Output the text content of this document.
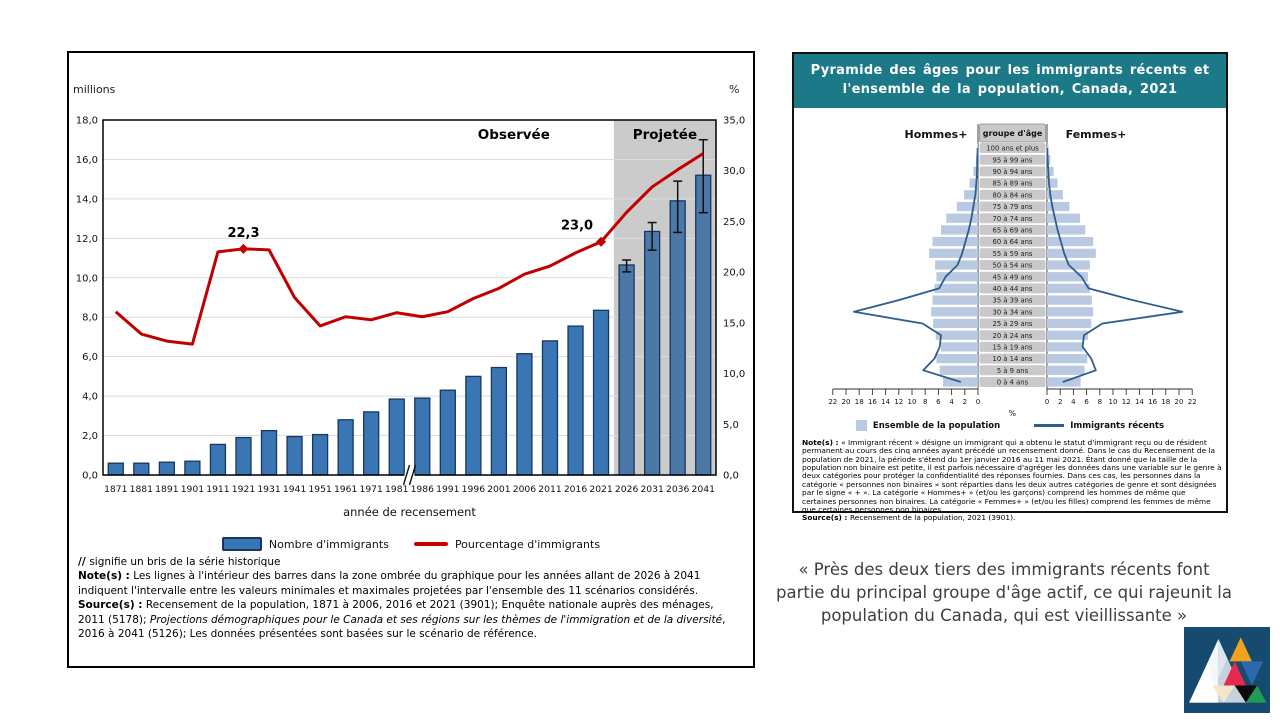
millions	%
0,0
2,0
4,0
6,0
8,0
10,0
12,0
14,0
16,0
18,0
0,0
5,0
10,0
15,0
20,0
25,0
30,0
35,0
22,3	23,0
Observée	Projetée
1871 1881 1891 1901 1911 1921 1931 1941 1951 1961 1971 1981 1986 1991 1996 2001 2006 2011 2016 2021 2026 2031 2036 2041
année de recensement
Nombre d'immigrants	Pourcentage d'immigrants

// signifie un bris de la série historique

Note(s) : Les lignes à l'intérieur des barres dans la zone ombrée du graphique pour les années allant de 2026 à 2041 indiquent l'intervalle entre les valeurs minimales et maximales projetées par l'ensemble des 11 scénarios considérés.

Source(s) : Recensement de la population, 1871 à 2006, 2016 et 2021 (3901); Enquête nationale auprès des ménages, 2011 (5178); Projections démographiques pour le Canada et ses régions sur les thèmes de l'immigration et de la diversité, 2016 à 2041 (5126); Les données présentées sont basées sur le scénario de référence.

Pyramide des âges pour les immigrants récents et l'ensemble de la population, Canada, 2021
Hommes+	Femmes+
groupe d'âge
100 ans et plus
95 à 99 ans
90 à 94 ans
85 à 89 ans
80 à 84 ans
75 à 79 ans
70 à 74 ans
65 à 69 ans
60 à 64 ans
55 à 59 ans
50 à 54 ans
45 à 49 ans
40 à 44 ans
35 à 39 ans
30 à 34 ans
25 à 29 ans
20 à 24 ans
15 à 19 ans
10 à 14 ans
5 à 9 ans
0 à 4 ans
0	0
2	2
4	4
6	6
8	8
10	10
12	12
14	14
16	16
18	18
20	20
22	22
%
Ensemble de la population	Immigrants récents

Note(s) : « Immigrant récent » désigne un immigrant qui a obtenu le statut d'immigrant reçu ou de résident permanent au cours des cinq années ayant précédé un recensement donné. Dans le cas du Recensement de la population de 2021, la période s'étend du 1er janvier 2016 au 11 mai 2021. Étant donné que la taille de la population non binaire est petite, il est parfois nécessaire d'agréger les données dans une variable sur le genre à deux catégories pour protéger la confidentialité des réponses fournies. Dans ces cas, les personnes dans la catégorie « personnes non binaires » sont réparties dans les deux autres catégories de genre et sont désignées par le signe « + ». La catégorie « Hommes+ » (et/ou les garçons) comprend les hommes de même que certaines personnes non binaires. La catégorie « Femmes+ » (et/ou les filles) comprend les femmes de même que certaines personnes non binaires.

Source(s) : Recensement de la population, 2021 (3901).

« Près des deux tiers des immigrants récents font partie du principal groupe d'âge actif, ce qui rajeunit la population du Canada, qui est vieillissante »
